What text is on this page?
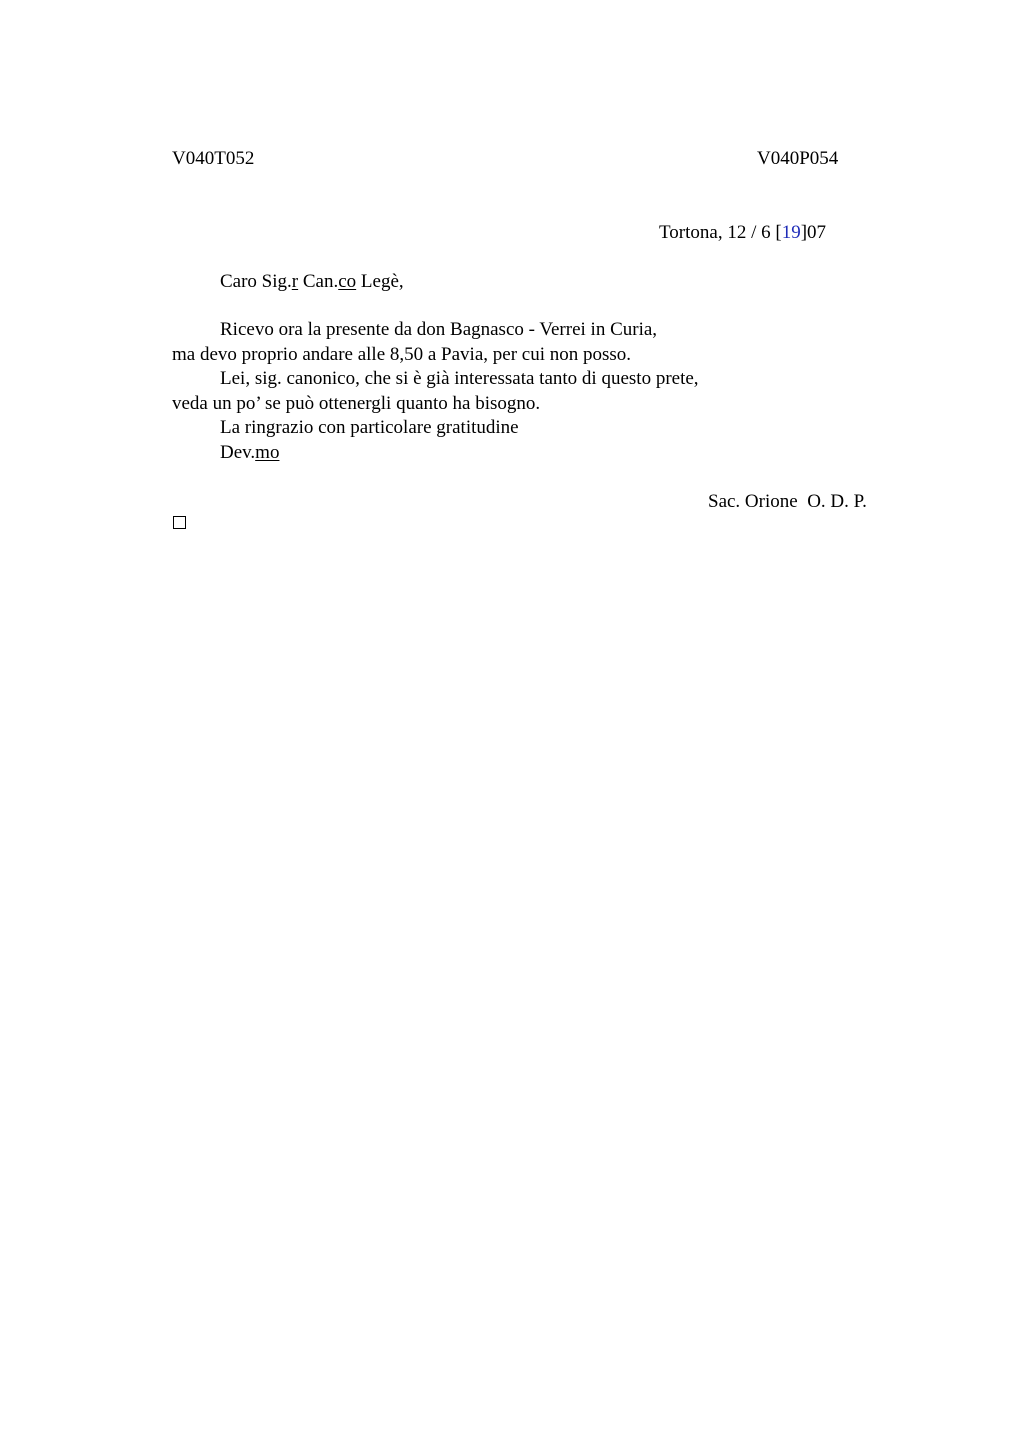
V040T052	V040P054
Tortona, 12 / 6 [19]07
Caro Sig.r Can.co Legè,
Ricevo ora la presente da don Bagnasco - Verrei in Curia,
ma devo proprio andare alle 8,50 a Pavia, per cui non posso.
Lei, sig. canonico, che si è già interessata tanto di questo prete,
veda un po’ se può ottenergli quanto ha bisogno.
La ringrazio con particolare gratitudine
Dev.mo
Sac. Orione  O. D. P.
